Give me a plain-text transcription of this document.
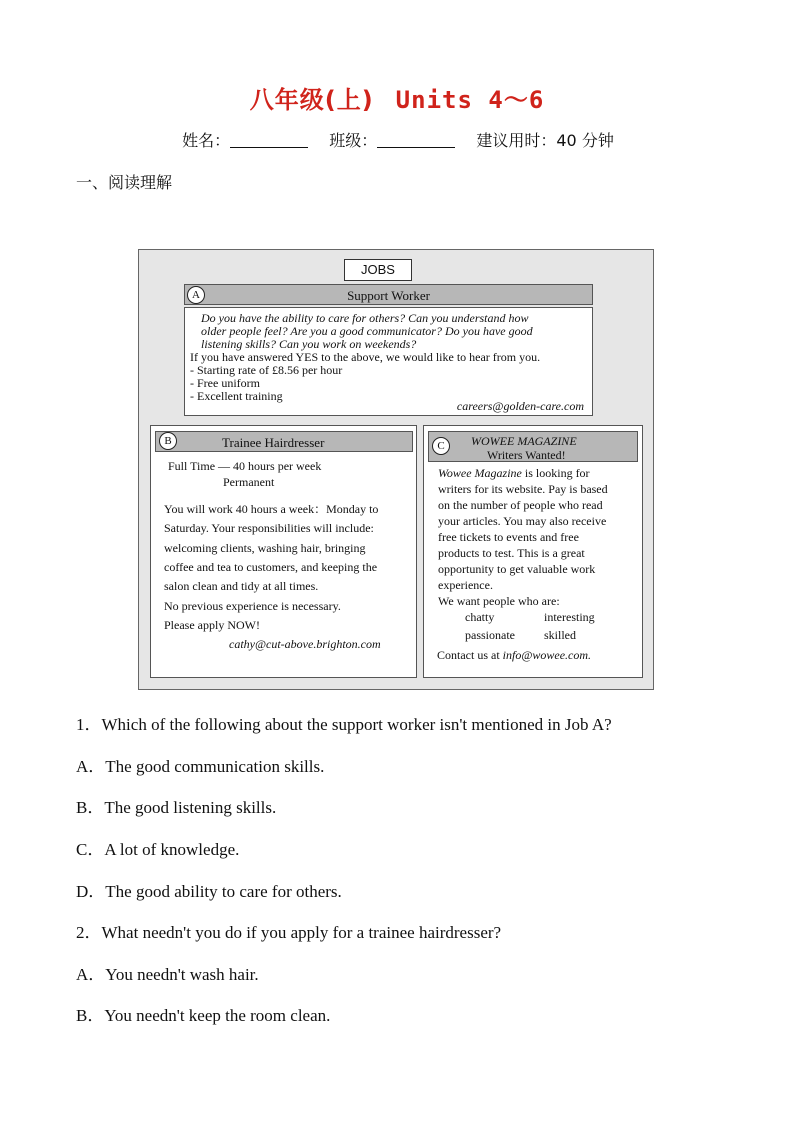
八年级(上) Units 4～6
姓名：	班级：	建议用时：40 分钟
一、阅读理解
JOBS
Support Worker
A
Do you have the ability to care for others? Can you understand how
older people feel? Are you a good communicator? Do you have good
listening skills? Can you work on weekends?
If you have answered YES to the above, we would like to hear from you.
- Starting rate of £8.56 per hour
- Free uniform
- Excellent training
careers@golden-care.com
Trainee Hairdresser
B
Full Time — 40 hours per week
Permanent
You will work 40 hours a week：Monday to
Saturday. Your responsibilities will include:
welcoming clients, washing hair, bringing
coffee and tea to customers, and keeping the
salon clean and tidy at all times.
No previous experience is necessary.
Please apply NOW!
cathy@cut-above.brighton.com
WOWEE MAGAZINE
Writers Wanted!
C
Wowee Magazine is looking for
writers for its website. Pay is based
on the number of people who read
your articles. You may also receive
free tickets to events and free
products to test. This is a great
opportunity to get valuable work
experience.
We want people who are:
chatty	interesting
passionate skilled
Contact us at info@wowee.com.
1．Which of the following about the support worker isn't mentioned in Job A?
A．The good communication skills.
B．The good listening skills.
C．A lot of knowledge.
D．The good ability to care for others.
2．What needn't you do if you apply for a trainee hairdresser?
A．You needn't wash hair.
B．You needn't keep the room clean.
